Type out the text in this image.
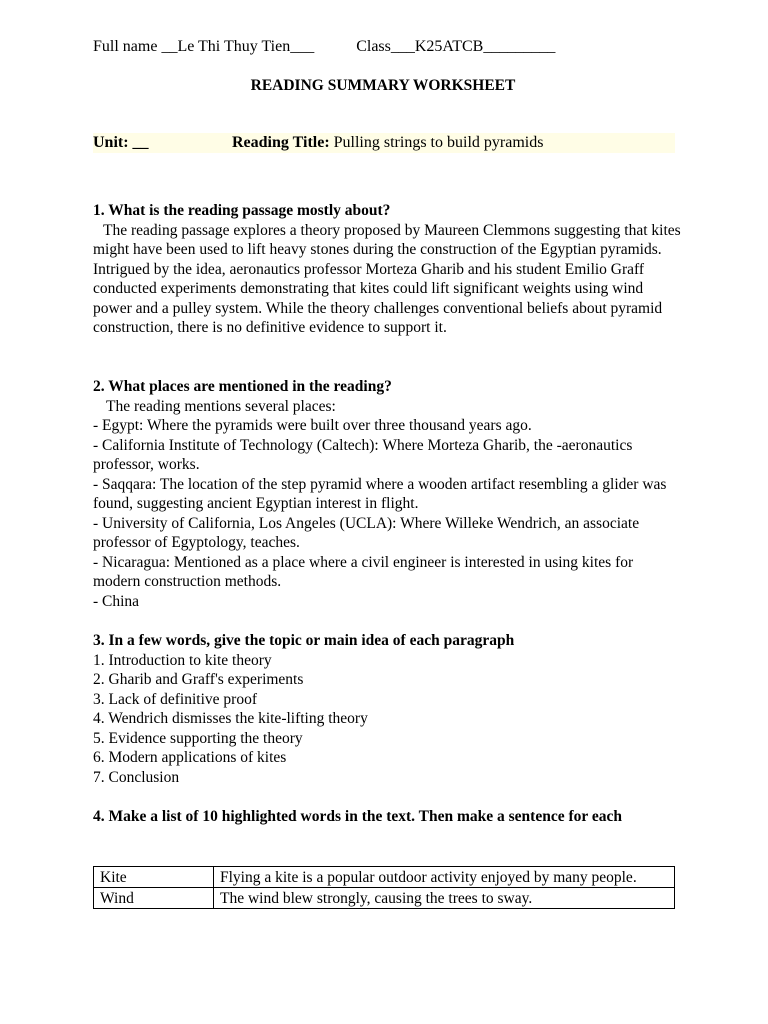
Full name __Le Thi Thuy Tien___	Class___K25ATCB_________
READING SUMMARY WORKSHEET
Unit: __	Reading Title: Pulling strings to build pyramids

1. What is the reading passage mostly about?

The reading passage explores a theory proposed by Maureen Clemmons suggesting that kites might have been used to lift heavy stones during the construction of the Egyptian pyramids. Intrigued by the idea, aeronautics professor Morteza Gharib and his student Emilio Graff conducted experiments demonstrating that kites could lift significant weights using wind power and a pulley system. While the theory challenges conventional beliefs about pyramid construction, there is no definitive evidence to support it.

2. What places are mentioned in the reading?

The reading mentions several places:

- Egypt: Where the pyramids were built over three thousand years ago.

- California Institute of Technology (Caltech): Where Morteza Gharib, the -aeronautics professor, works.

- Saqqara: The location of the step pyramid where a wooden artifact resembling a glider was found, suggesting ancient Egyptian interest in flight.

- University of California, Los Angeles (UCLA): Where Willeke Wendrich, an associate professor of Egyptology, teaches.

- Nicaragua: Mentioned as a place where a civil engineer is interested in using kites for modern construction methods.

- China

3. In a few words, give the topic or main idea of each paragraph

1. Introduction to kite theory

2. Gharib and Graff's experiments

3. Lack of definitive proof

4. Wendrich dismisses the kite-lifting theory

5. Evidence supporting the theory

6. Modern applications of kites

7. Conclusion

4. Make a list of 10 highlighted words in the text. Then make a sentence for each

Kite	Flying a kite is a popular outdoor activity enjoyed by many people.
Wind	The wind blew strongly, causing the trees to sway.
